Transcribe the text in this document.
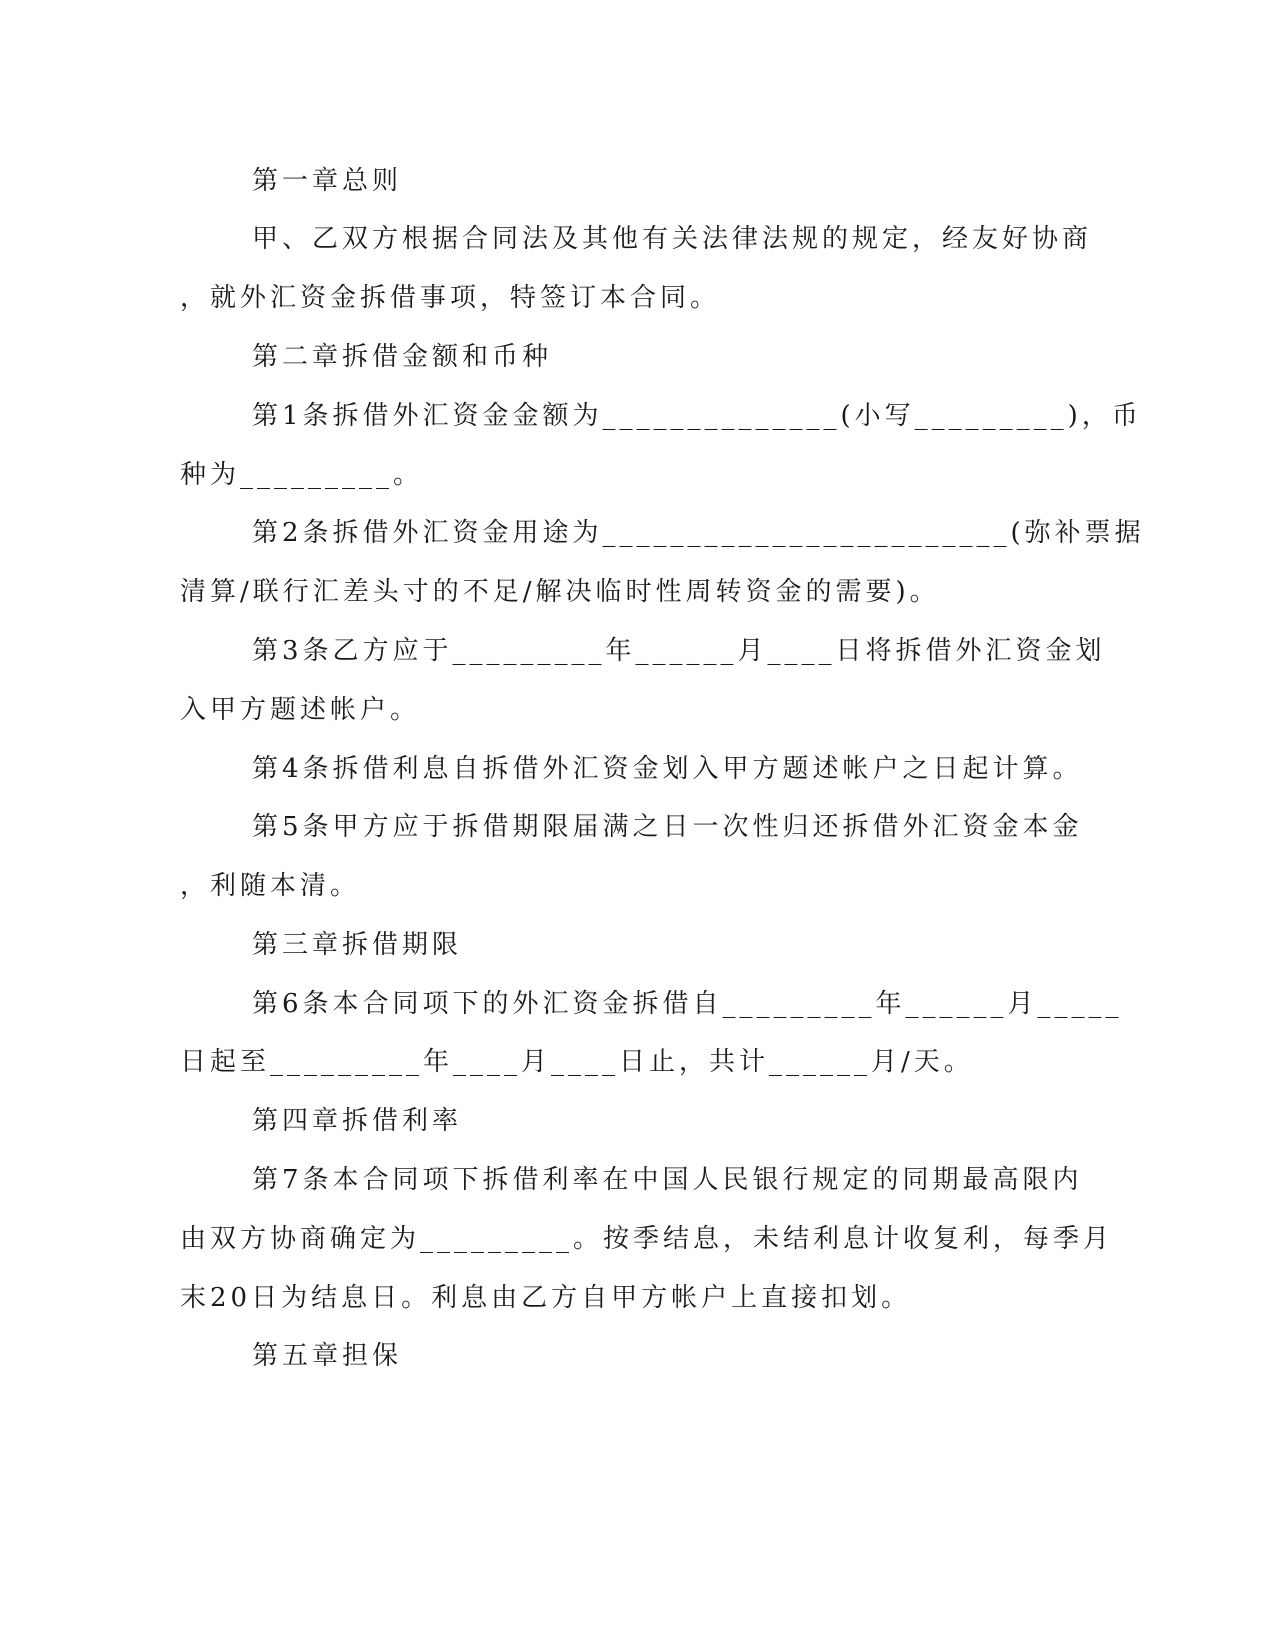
第一章总则
甲、乙双方根据合同法及其他有关法律法规的规定，经友好协商
，就外汇资金拆借事项，特签订本合同。
第二章拆借金额和币种
第1条拆借外汇资金金额为______________(小写_________)，币
种为_________。
第2条拆借外汇资金用途为________________________(弥补票据
清算/联行汇差头寸的不足/解决临时性周转资金的需要)。
第3条乙方应于_________年______月____日将拆借外汇资金划
入甲方题述帐户。
第4条拆借利息自拆借外汇资金划入甲方题述帐户之日起计算。
第5条甲方应于拆借期限届满之日一次性归还拆借外汇资金本金
，利随本清。
第三章拆借期限
第6条本合同项下的外汇资金拆借自_________年______月_____
日起至_________年____月____日止，共计______月/天。
第四章拆借利率
第7条本合同项下拆借利率在中国人民银行规定的同期最高限内
由双方协商确定为_________。按季结息，未结利息计收复利，每季月
末20日为结息日。利息由乙方自甲方帐户上直接扣划。
第五章担保
